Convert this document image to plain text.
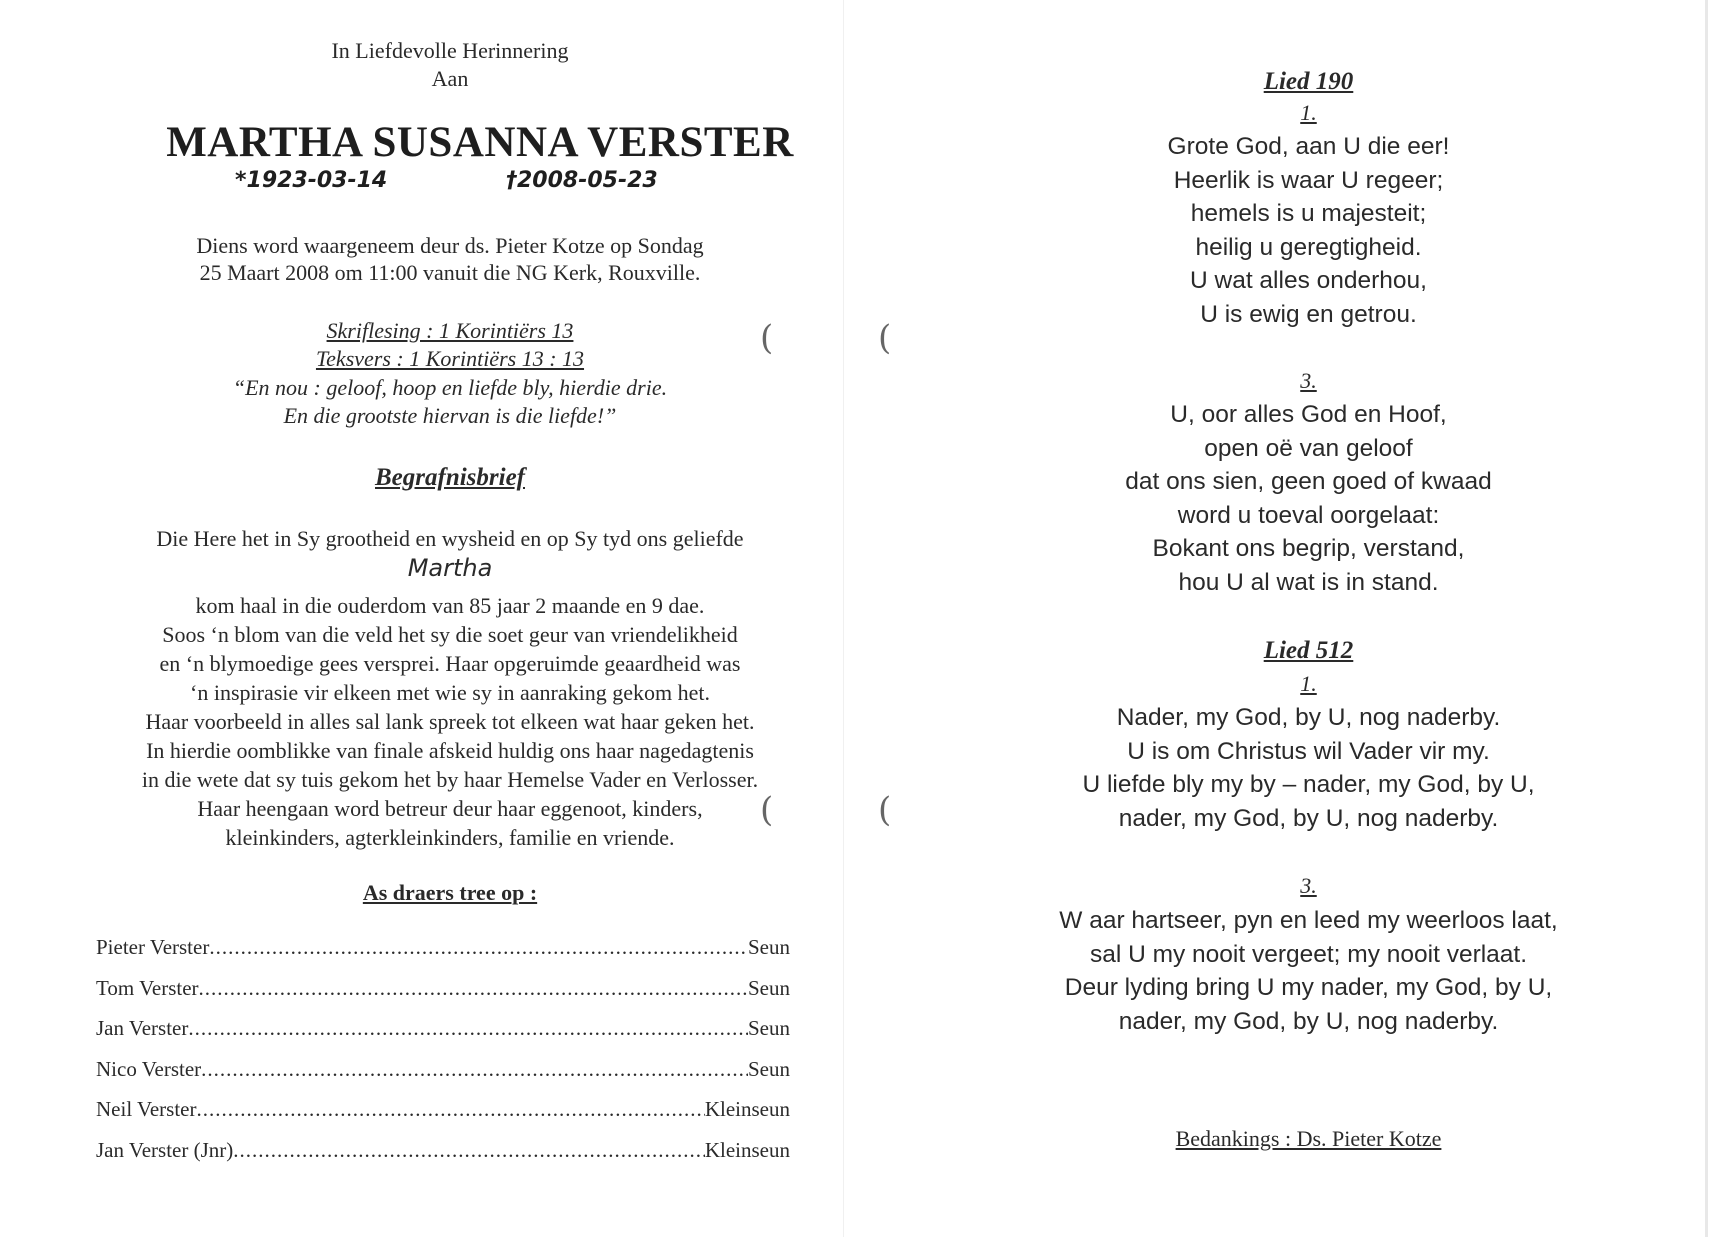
In Liefdevolle Herinnering
Aan
MARTHA SUSANNA VERSTER
*1923-03-14	†2008-05-23
Diens word waargeneem deur ds. Pieter Kotze op Sondag
25 Maart 2008 om 11:00 vanuit die NG Kerk, Rouxville.
Skriflesing : 1 Korintiërs 13
Teksvers : 1 Korintiërs 13 : 13
“En nou : geloof, hoop en liefde bly, hierdie drie.
En die grootste hiervan is die liefde!”
Begrafnisbrief
Die Here het in Sy grootheid en wysheid en op Sy tyd ons geliefde
Martha
kom haal in die ouderdom van 85 jaar 2 maande en 9 dae.
Soos ‘n blom van die veld het sy die soet geur van vriendelikheid
en ‘n blymoedige gees versprei. Haar opgeruimde geaardheid was
‘n inspirasie vir elkeen met wie sy in aanraking gekom het.
Haar voorbeeld in alles sal lank spreek tot elkeen wat haar geken het.
In hierdie oomblikke van finale afskeid huldig ons haar nagedagtenis
in die wete dat sy tuis gekom het by haar Hemelse Vader en Verlosser.
Haar heengaan word betreur deur haar eggenoot, kinders,
kleinkinders, agterkleinkinders, familie en vriende.
As draers tree op :
Pieter Verster .....	Seun
Tom Verster .....	Seun
Jan Verster .....	Seun
Nico Verster .....	Seun
Neil Verster .....	Kleinseun
Jan Verster (Jnr) .....	Kleinseun
(	(
(	(
Lied 190
1.
Grote God, aan U die eer!
Heerlik is waar U regeer;
hemels is u majesteit;
heilig u geregtigheid.
U wat alles onderhou,
U is ewig en getrou.
3.
U, oor alles God en Hoof,
open oë van geloof
dat ons sien, geen goed of kwaad
word u toeval oorgelaat:
Bokant ons begrip, verstand,
hou U al wat is in stand.
Lied 512
1.
Nader, my God, by U, nog naderby.
U is om Christus wil Vader vir my.
U liefde bly my by – nader, my God, by U,
nader, my God, by U, nog naderby.
3.
W aar hartseer, pyn en leed my weerloos laat,
sal U my nooit vergeet; my nooit verlaat.
Deur lyding bring U my nader, my God, by U,
nader, my God, by U, nog naderby.
Bedankings : Ds. Pieter Kotze
